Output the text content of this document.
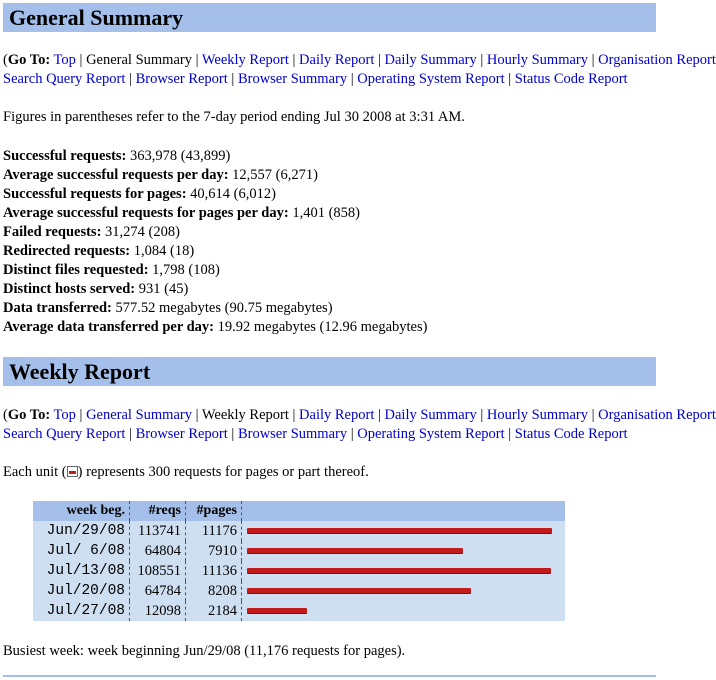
General Summary
(Go To: Top | General Summary | Weekly Report | Daily Report | Daily Summary | Hourly Summary | Organisation Report
Search Query Report | Browser Report | Browser Summary | Operating System Report | Status Code Report
Figures in parentheses refer to the 7-day period ending Jul 30 2008 at 3:31 AM.
Successful requests: 363,978 (43,899)
Average successful requests per day: 12,557 (6,271)
Successful requests for pages: 40,614 (6,012)
Average successful requests for pages per day: 1,401 (858)
Failed requests: 31,274 (208)
Redirected requests: 1,084 (18)
Distinct files requested: 1,798 (108)
Distinct hosts served: 931 (45)
Data transferred: 577.52 megabytes (90.75 megabytes)
Average data transferred per day: 19.92 megabytes (12.96 megabytes)
Weekly Report
(Go To: Top | General Summary | Weekly Report | Daily Report | Daily Summary | Hourly Summary | Organisation Report
Search Query Report | Browser Report | Browser Summary | Operating System Report | Status Code Report
Each unit ( ) represents 300 requests for pages or part thereof.
week beg.	#reqs	#pages	
Jun/29/08	113741	11176	

Jul/ 6/08	64804	7910	

Jul/13/08	108551	11136	

Jul/20/08	64784	8208	

Jul/27/08	12098	2184	
Busiest week: week beginning Jun/29/08 (11,176 requests for pages).
